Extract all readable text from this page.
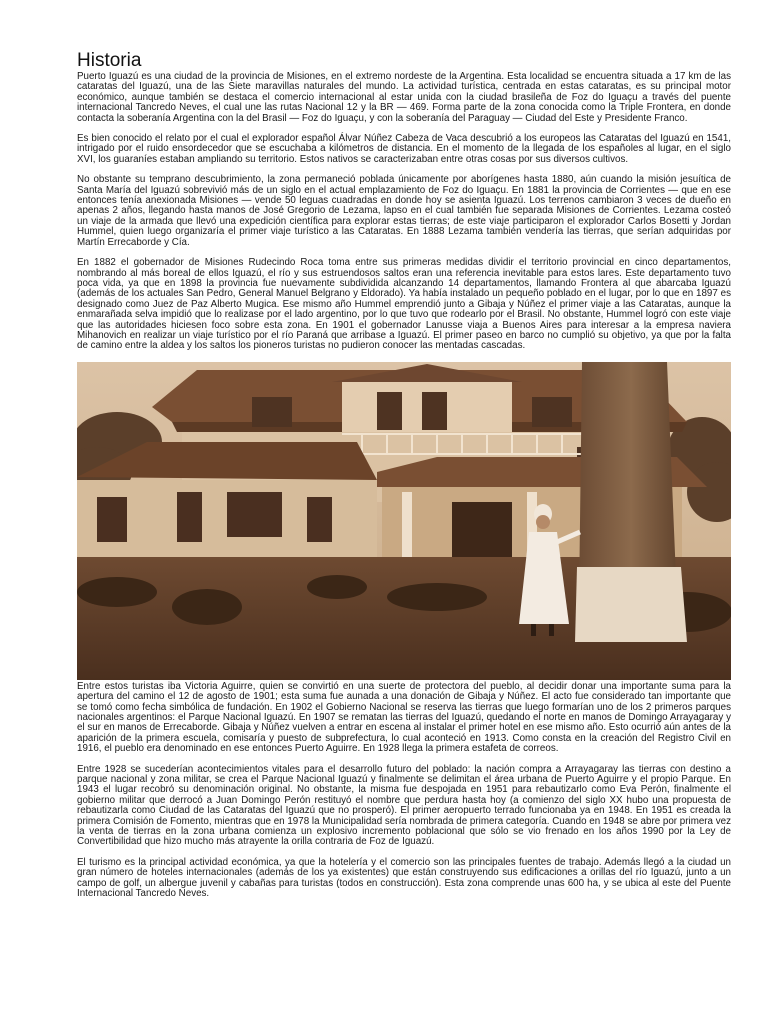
Historia

Puerto Iguazú es una ciudad de la provincia de Misiones, en el extremo nordeste de la Argentina. Esta localidad se encuentra situada a 17 km de las cataratas del Iguazú, una de las Siete maravillas naturales del mundo. La actividad turística, centrada en estas cataratas, es su principal motor económico, aunque también se destaca el comercio internacional al estar unida con la ciudad brasileña de Foz do Iguaçu a través del puente internacional Tancredo Neves, el cual une las rutas Nacional 12 y la BR — 469. Forma parte de la zona conocida como la Triple Frontera, en donde contacta la soberanía Argentina con la del Brasil — Foz do Iguaçu, y con la soberanía del Paraguay — Ciudad del Este y Presidente Franco.

Es bien conocido el relato por el cual el explorador español Álvar Núñez Cabeza de Vaca descubrió a los europeos las Cataratas del Iguazú en 1541, intrigado por el ruido ensordecedor que se escuchaba a kilómetros de distancia. En el momento de la llegada de los españoles al lugar, en el siglo XVI, los guaraníes estaban ampliando su territorio. Estos nativos se caracterizaban entre otras cosas por sus diversos cultivos.

No obstante su temprano descubrimiento, la zona permaneció poblada únicamente por aborígenes hasta 1880, aún cuando la misión jesuítica de Santa María del Iguazú sobrevivió más de un siglo en el actual emplazamiento de Foz do Iguaçu. En 1881 la provincia de Corrientes — que en ese entonces tenía anexionada Misiones — vende 50 leguas cuadradas en donde hoy se asienta Iguazú. Los terrenos cambiaron 3 veces de dueño en apenas 2 años, llegando hasta manos de José Gregorio de Lezama, lapso en el cual también fue separada Misiones de Corrientes. Lezama costeó un viaje de la armada que llevó una expedición científica para explorar estas tierras; de este viaje participaron el explorador Carlos Bosetti y Jordan Hummel, quien luego organizaría el primer viaje turístico a las Cataratas. En 1888 Lezama también vendería las tierras, que serían adquiridas por Martín Errecaborde y Cía.

En 1882 el gobernador de Misiones Rudecindo Roca toma entre sus primeras medidas dividir el territorio provincial en cinco departamentos, nombrando al más boreal de ellos Iguazú, el río y sus estruendosos saltos eran una referencia inevitable para estos lares. Este departamento tuvo poca vida, ya que en 1898 la provincia fue nuevamente subdividida alcanzando 14 departamentos, llamando Frontera al que abarcaba Iguazú (además de los actuales San Pedro, General Manuel Belgrano y Eldorado). Ya había instalado un pequeño poblado en el lugar, por lo que en 1897 es designado como Juez de Paz Alberto Mugica. Ese mismo año Hummel emprendió junto a Gibaja y Núñez el primer viaje a las Cataratas, aunque la enmarañada selva impidió que lo realizase por el lado argentino, por lo que tuvo que rodearlo por el Brasil. No obstante, Hummel logró con este viaje que las autoridades hiciesen foco sobre esta zona. En 1901 el gobernador Lanusse viaja a Buenos Aires para interesar a la empresa naviera Mihanovich en realizar un viaje turístico por el río Paraná que arribase a Iguazú. El primer paseo en barco no cumplió su objetivo, ya que por la falta de camino entre la aldea y los saltos los pioneros turistas no pudieron conocer las mentadas cascadas.

Entre estos turistas iba Victoria Aguirre, quien se convirtió en una suerte de protectora del pueblo, al decidir donar una importante suma para la apertura del camino el 12 de agosto de 1901; esta suma fue aunada a una donación de Gibaja y Núñez. El acto fue considerado tan importante que se tomó como fecha simbólica de fundación. En 1902 el Gobierno Nacional se reserva las tierras que luego formarían uno de los 2 primeros parques nacionales argentinos: el Parque Nacional Iguazú. En 1907 se rematan las tierras del Iguazú, quedando el norte en manos de Domingo Arrayagaray y el sur en manos de Errecaborde. Gibaja y Núñez vuelven a entrar en escena al instalar el primer hotel en ese mismo año. Esto ocurrió aún antes de la aparición de la primera escuela, comisaría y puesto de subprefectura, lo cual aconteció en 1913. Como consta en la creación del Registro Civil en 1916, el pueblo era denominado en ese entonces Puerto Aguirre. En 1928 llega la primera estafeta de correos.

Entre 1928 se sucederían acontecimientos vitales para el desarrollo futuro del poblado: la nación compra a Arrayagaray las tierras con destino a parque nacional y zona militar, se crea el Parque Nacional Iguazú y finalmente se delimitan el área urbana de Puerto Aguirre y el propio Parque. En 1943 el lugar recobró su denominación original. No obstante, la misma fue despojada en 1951 para rebautizarlo como Eva Perón, finalmente el gobierno militar que derrocó a Juan Domingo Perón restituyó el nombre que perdura hasta hoy (a comienzo del siglo XX hubo una propuesta de rebautizarla como Ciudad de las Cataratas del Iguazú que no prosperó). El primer aeropuerto terrado funcionaba ya en 1948. En 1951 es creada la primera Comisión de Fomento, mientras que en 1978 la Municipalidad sería nombrada de primera categoría. Cuando en 1948 se abre por primera vez la venta de tierras en la zona urbana comienza un explosivo incremento poblacional que sólo se vio frenado en los años 1990 por la Ley de Convertibilidad que hizo mucho más atrayente la orilla contraria de Foz de Iguazú.

El turismo es la principal actividad económica, ya que la hotelería y el comercio son las principales fuentes de trabajo. Además llegó a la ciudad un gran número de hoteles internacionales (además de los ya existentes) que están construyendo sus edificaciones a orillas del río Iguazú, junto a un campo de golf, un albergue juvenil y cabañas para turistas (todos en construcción). Esta zona comprende unas 600 ha, y se ubica al este del Puente Internacional Tancredo Neves.
